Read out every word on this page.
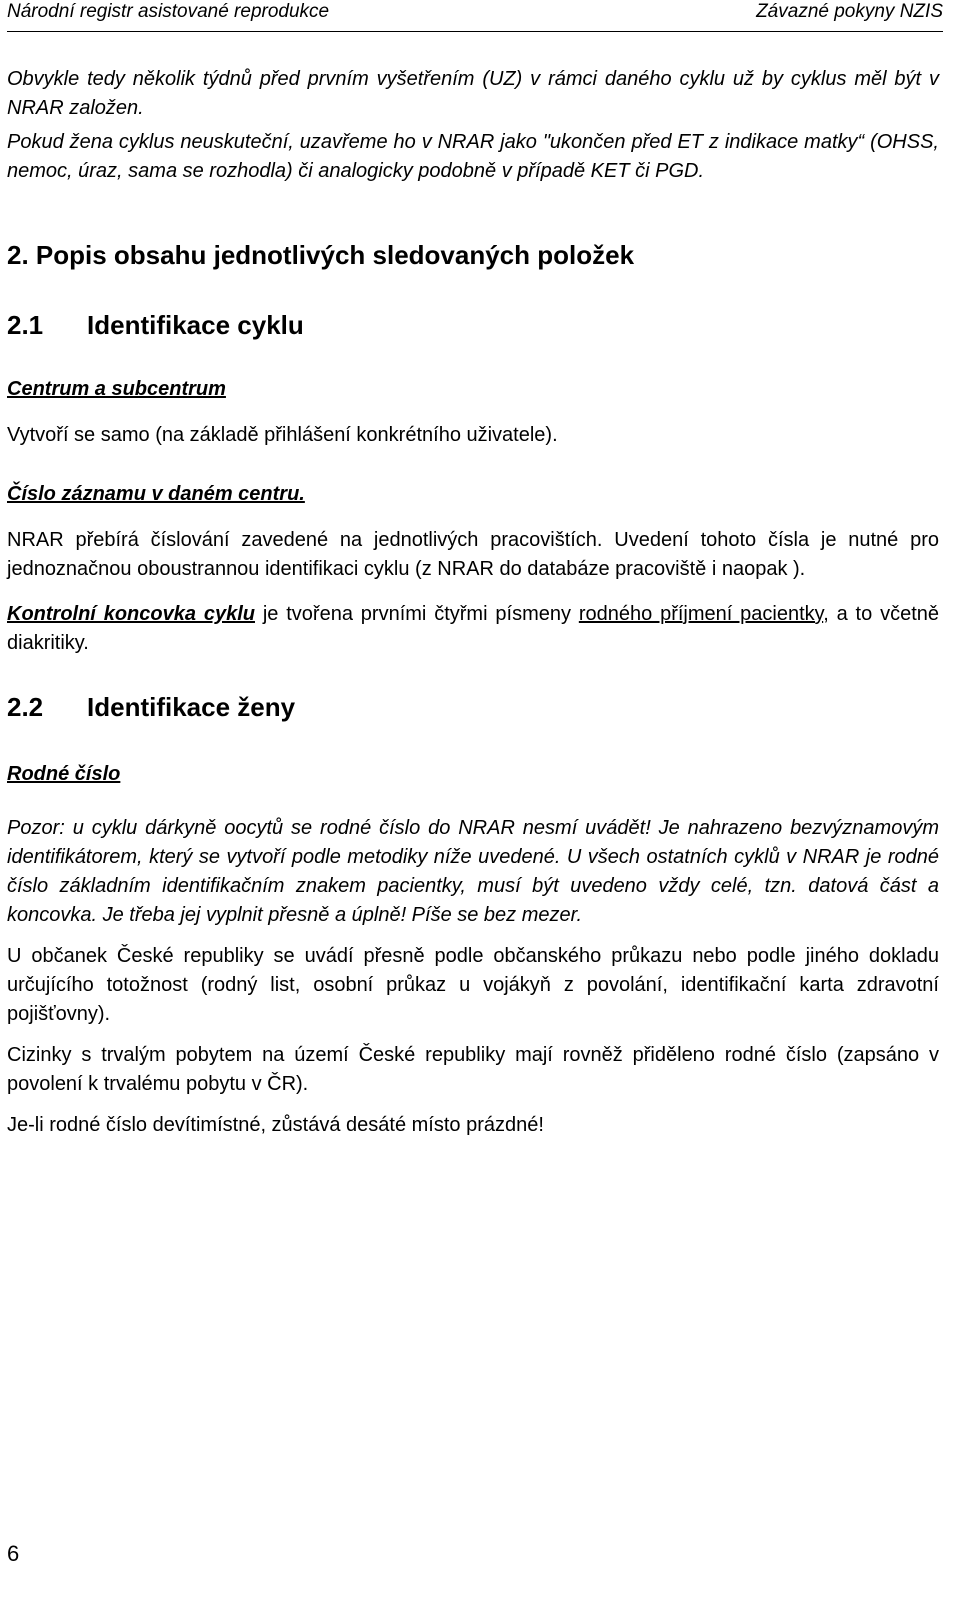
Národní registr asistované reprodukce	Závazné pokyny NZIS

Obvykle tedy několik týdnů před prvním vyšetřením (UZ) v rámci daného cyklu už by cyklus měl být v NRAR založen.

Pokud žena cyklus neuskuteční, uzavřeme ho v NRAR jako "ukončen před ET z indikace matky“ (OHSS, nemoc, úraz, sama se rozhodla) či analogicky podobně v případě KET či PGD.

2. Popis obsahu jednotlivých sledovaných položek
2.1 Identifikace cyklu

Centrum a subcentrum

Vytvoří se samo (na základě přihlášení konkrétního uživatele).

Číslo záznamu v daném centru.

NRAR přebírá číslování zavedené na jednotlivých pracovištích. Uvedení tohoto čísla je nutné pro jednoznačnou oboustrannou identifikaci cyklu (z NRAR do databáze pracoviště i naopak ).

Kontrolní koncovka cyklu je tvořena prvními čtyřmi písmeny rodného příjmení pacientky, a to včetně diakritiky.

2.2 Identifikace ženy

Rodné číslo

Pozor: u cyklu dárkyně oocytů se rodné číslo do NRAR nesmí uvádět! Je nahrazeno bezvýznamovým identifikátorem, který se vytvoří podle metodiky níže uvedené. U všech ostatních cyklů v NRAR je rodné číslo základním identifikačním znakem pacientky, musí být uvedeno vždy celé, tzn. datová část a koncovka. Je třeba jej vyplnit přesně a úplně! Píše se bez mezer.

U občanek České republiky se uvádí přesně podle občanského průkazu nebo podle jiného dokladu určujícího totožnost (rodný list, osobní průkaz u vojákyň z povolání, identifikační karta zdravotní pojišťovny).

Cizinky s trvalým pobytem na území České republiky mají rovněž přiděleno rodné číslo (zapsáno v povolení k trvalému pobytu v ČR).

Je-li rodné číslo devítimístné, zůstává desáté místo prázdné!

6
